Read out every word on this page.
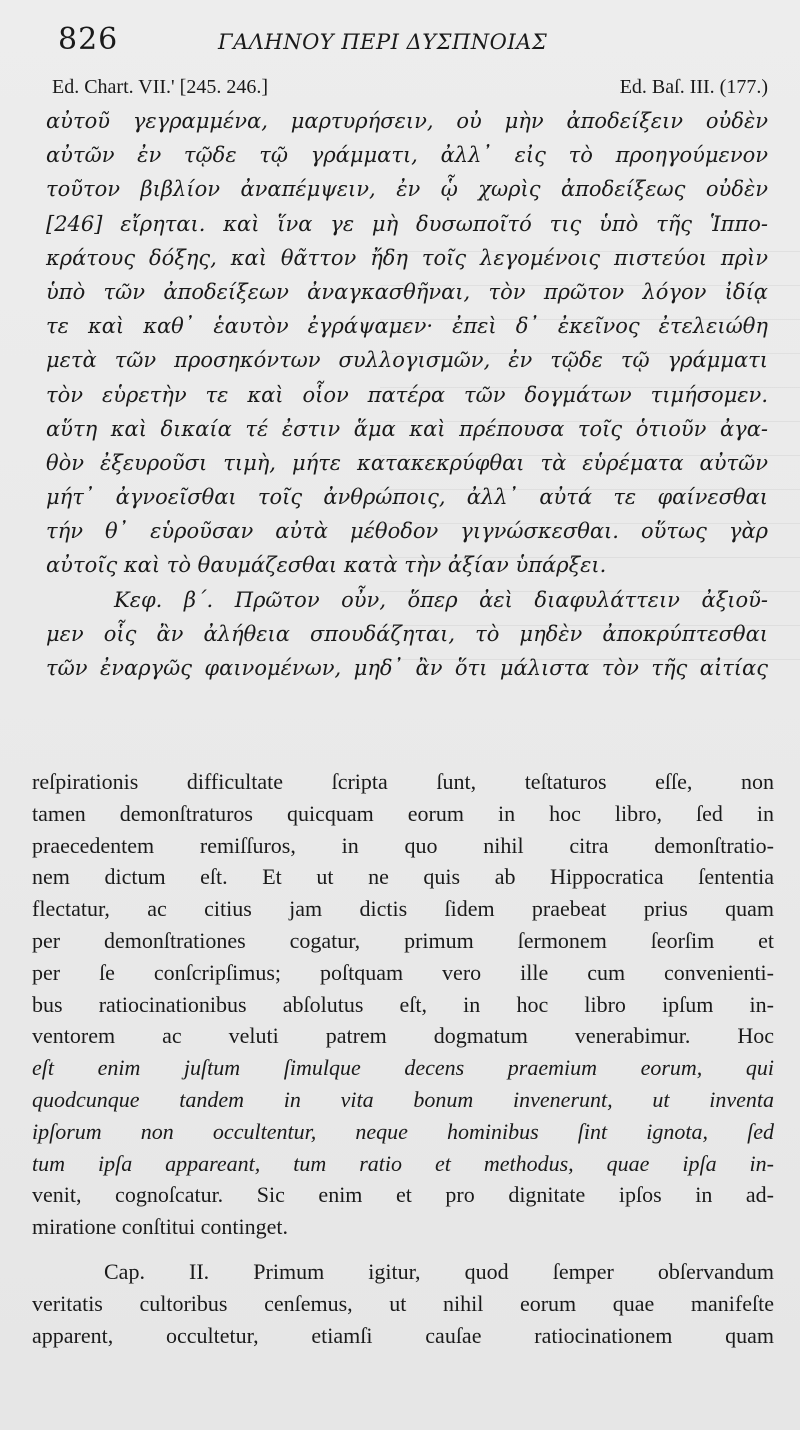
826	ΓΑΛΗΝΟΥ ΠΕΡΙ ΔΥΣΠΝΟΙΑΣ
Ed. Chart. VII.' [245. 246.]	Ed. Baſ. III. (177.)
αὐτοῦ γεγραμμένα, μαρτυρήσειν, οὐ μὴν ἀποδείξειν οὐδὲν
αὐτῶν ἐν τῷδε τῷ γράμματι, ἀλλ᾽ εἰς τὸ προηγούμενον
τοῦτον βιβλίον ἀναπέμψειν, ἐν ᾧ χωρὶς ἀποδείξεως οὐδὲν
[246] εἴρηται. καὶ ἵνα γε μὴ δυσωποῖτό τις ὑπὸ τῆς Ἱππο-
κράτους δόξης, καὶ θᾶττον ἤδη τοῖς λεγομένοις πιστεύοι πρὶν
ὑπὸ τῶν ἀποδείξεων ἀναγκασθῆναι, τὸν πρῶτον λόγον ἰδίᾳ
τε καὶ καθ᾽ ἑαυτὸν ἐγράψαμεν· ἐπεὶ δ᾽ ἐκεῖνος ἐτελειώθη
μετὰ τῶν προσηκόντων συλλογισμῶν, ἐν τῷδε τῷ γράμματι
τὸν εὑρετὴν τε καὶ οἷον πατέρα τῶν δογμάτων τιμήσομεν.
αὕτη καὶ δικαία τέ ἐστιν ἅμα καὶ πρέπουσα τοῖς ὁτιοῦν ἀγα-
θὸν ἐξευροῦσι τιμὴ, μήτε κατακεκρύφθαι τὰ εὑρέματα αὐτῶν
μήτ᾽ ἀγνοεῖσθαι τοῖς ἀνθρώποις, ἀλλ᾽ αὐτά τε φαίνεσθαι
τήν θ᾽ εὑροῦσαν αὐτὰ μέθοδον γιγνώσκεσθαι. οὕτως γὰρ
αὐτοῖς καὶ τὸ θαυμάζεσθαι κατὰ τὴν ἀξίαν ὑπάρξει.
Κεφ. β΄. Πρῶτον οὖν, ὅπερ ἀεὶ διαφυλάττειν ἀξιοῦ-
μεν οἷς ἂν ἀλήθεια σπουδάζηται, τὸ μηδὲν ἀποκρύπτεσθαι
τῶν ἐναργῶς φαινομένων, μηδ᾽ ἂν ὅτι μάλιστα τὸν τῆς αἰτίας
reſpirationis difficultate ſcripta ſunt, teſtaturos eſſe, non
tamen demonſtraturos quicquam eorum in hoc libro, ſed in
praecedentem remiſſuros, in quo nihil citra demonſtratio-
nem dictum eſt. Et ut ne quis ab Hippocratica ſententia
flectatur, ac citius jam dictis ſidem praebeat prius quam
per demonſtrationes cogatur, primum ſermonem ſeorſim et
per ſe conſcripſimus; poſtquam vero ille cum convenienti-
bus ratiocinationibus abſolutus eſt, in hoc libro ipſum in-
ventorem ac veluti patrem dogmatum venerabimur. Hoc
eſt enim juſtum ſimulque decens praemium eorum, qui
quodcunque tandem in vita bonum invenerunt, ut inventa
ipſorum non occultentur, neque hominibus ſint ignota, ſed
tum ipſa appareant, tum ratio et methodus, quae ipſa in-
venit, cognoſcatur. Sic enim et pro dignitate ipſos in ad-
miratione conſtitui continget.
Cap. II. Primum igitur, quod ſemper obſervandum
veritatis cultoribus cenſemus, ut nihil eorum quae manifeſte
apparent, occultetur, etiamſi cauſae ratiocinationem quam
